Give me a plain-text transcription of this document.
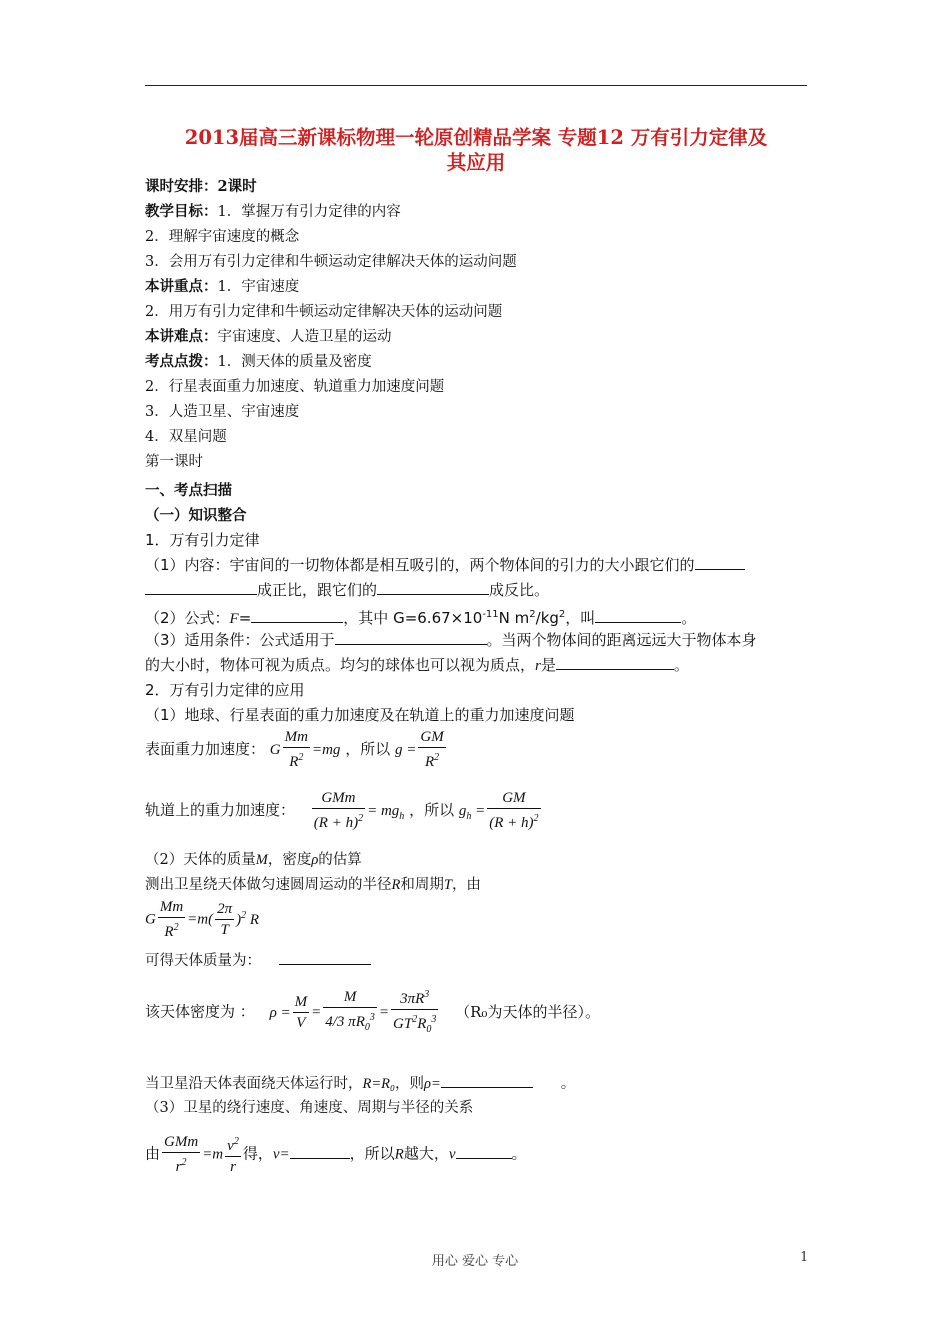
2013届高三新课标物理一轮原创精品学案 专题12 万有引力定律及
其应用
课时安排：2课时
教学目标：1．掌握万有引力定律的内容
2．理解宇宙速度的概念
3．会用万有引力定律和牛顿运动定律解决天体的运动问题
本讲重点：1．宇宙速度
2．用万有引力定律和牛顿运动定律解决天体的运动问题
本讲难点：宇宙速度、人造卫星的运动
考点点拨：1．测天体的质量及密度
2．行星表面重力加速度、轨道重力加速度问题
3．人造卫星、宇宙速度
4．双星问题
第一课时
一、考点扫描
（一）知识整合
1．万有引力定律
（1）内容：宇宙间的一切物体都是相互吸引的，两个物体间的引力的大小跟它们的
成正比，跟它们的	成反比。
（2）公式：F=	，其中 $G=6.67\times 10^{-11}N$ $m^2/kg^2$，叫	。
（3）适用条件：公式适用于	。当两个物体间的距离远远大于物体本身
的大小时，物体可视为质点。均匀的球体也可以视为质点，r是	。
2．万有引力定律的应用
（1）地球、行星表面的重力加速度及在轨道上的重力加速度问题
表面重力加速度： G $\frac{Mm}{R^2} =mg$ ，所以 $g = \frac{GM}{R^2}$
轨道上的重力加速度： $\frac{\text{GMm}}{(R + h)^2} = mg_h$ ，所以 $g_h = \frac{GM}{(R + h)^2}$
（2）天体的质量M，密度ρ的估算
测出卫星绕天体做匀速圆周运动的半径R和周期T，由
G $\frac{Mm}{R^2} =m( \frac{2\pi}{T} )^2$ R
可得天体质量为：
该天体密度为 ： $\rho = \frac{M}{V} = \frac{M}{4/3 \pi R_0^3} = \frac{3\pi R^3}{GT^2R_0^3} (R_0$为天体的半径）。
当卫星沿天体表面绕天体运行时，R=R₀，则ρ=	。
（3）卫星的绕行速度、角速度、周期与半径的关系
由 $\frac{\text{GMm}}{r^2} =m \frac{v^2}{r}$ 得，v=	，所以R越大，v	。
用心 爱心 专心	1
